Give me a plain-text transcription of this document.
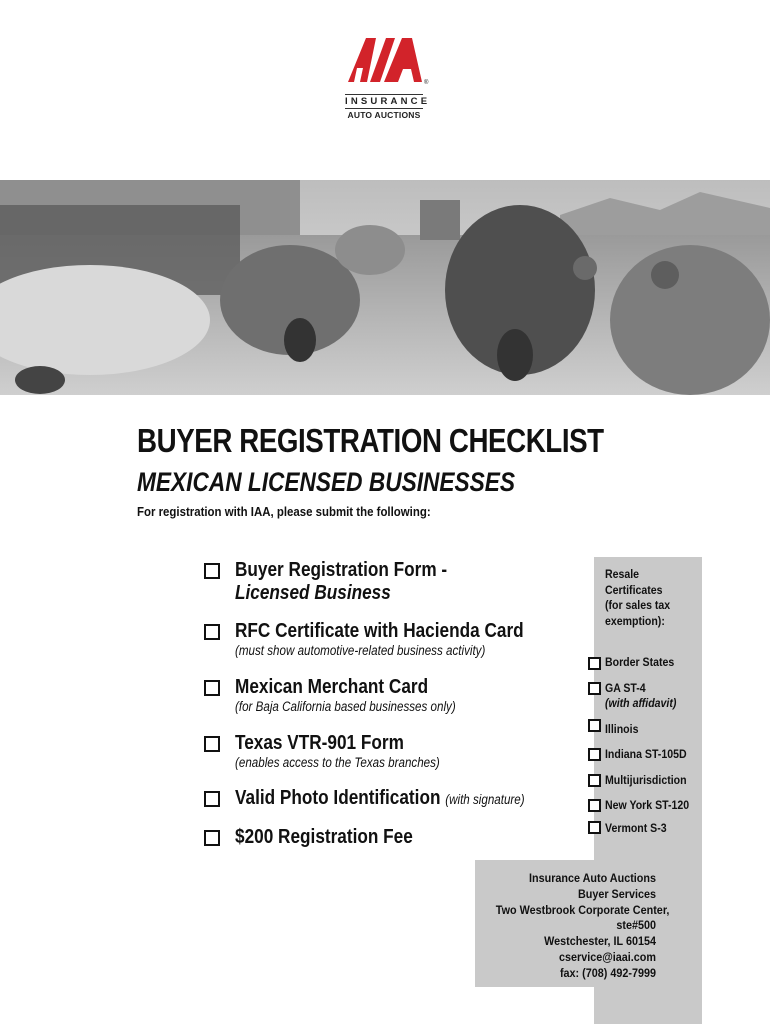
®
INSURANCE
AUTO AUCTIONS
BUYER REGISTRATION CHECKLIST
MEXICAN LICENSED BUSINESSES
For registration with IAA, please submit the following:
Buyer Registration Form -
Licensed Business
RFC Certificate with Hacienda Card
(must show automotive-related business activity)
Mexican Merchant Card
(for Baja California based businesses only)
Texas VTR-901 Form
(enables access to the Texas branches)
Valid Photo Identification (with signature)
$200 Registration Fee
Resale
Certificates
(for sales tax
exemption):
Border States
GA ST-4
(with affidavit)
Illinois
Indiana ST-105D
Multijurisdiction
New York ST-120
Vermont S-3
Insurance Auto Auctions
Buyer Services
Two Westbrook Corporate Center,
ste#500
Westchester, IL 60154
cservice@iaai.com
fax: (708) 492-7999
